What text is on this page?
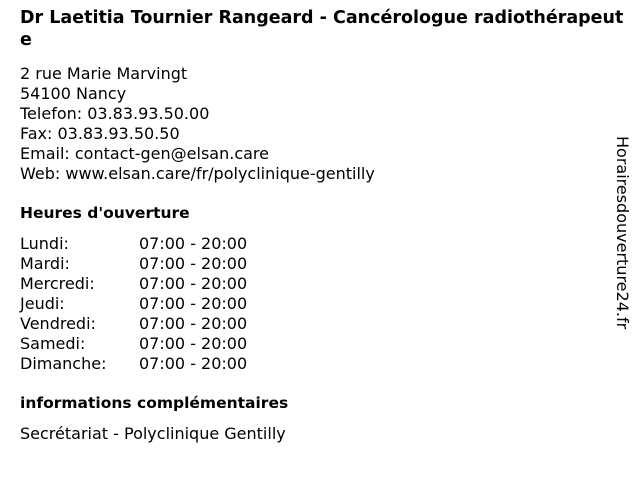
Dr Laetitia Tournier Rangeard - Cancérologue radiothérapeute
2 rue Marie Marvingt
54100 Nancy
Telefon: 03.83.93.50.00
Fax: 03.83.93.50.50
Email: contact-gen@elsan.care
Web: www.elsan.care/fr/polyclinique-gentilly
Heures d'ouverture
Lundi:	07:00 - 20:00
Mardi:	07:00 - 20:00
Mercredi:	07:00 - 20:00
Jeudi:	07:00 - 20:00
Vendredi:	07:00 - 20:00
Samedi:	07:00 - 20:00
Dimanche:	07:00 - 20:00
informations complémentaires
Secrétariat - Polyclinique Gentilly
Horairesdouverture24.fr
